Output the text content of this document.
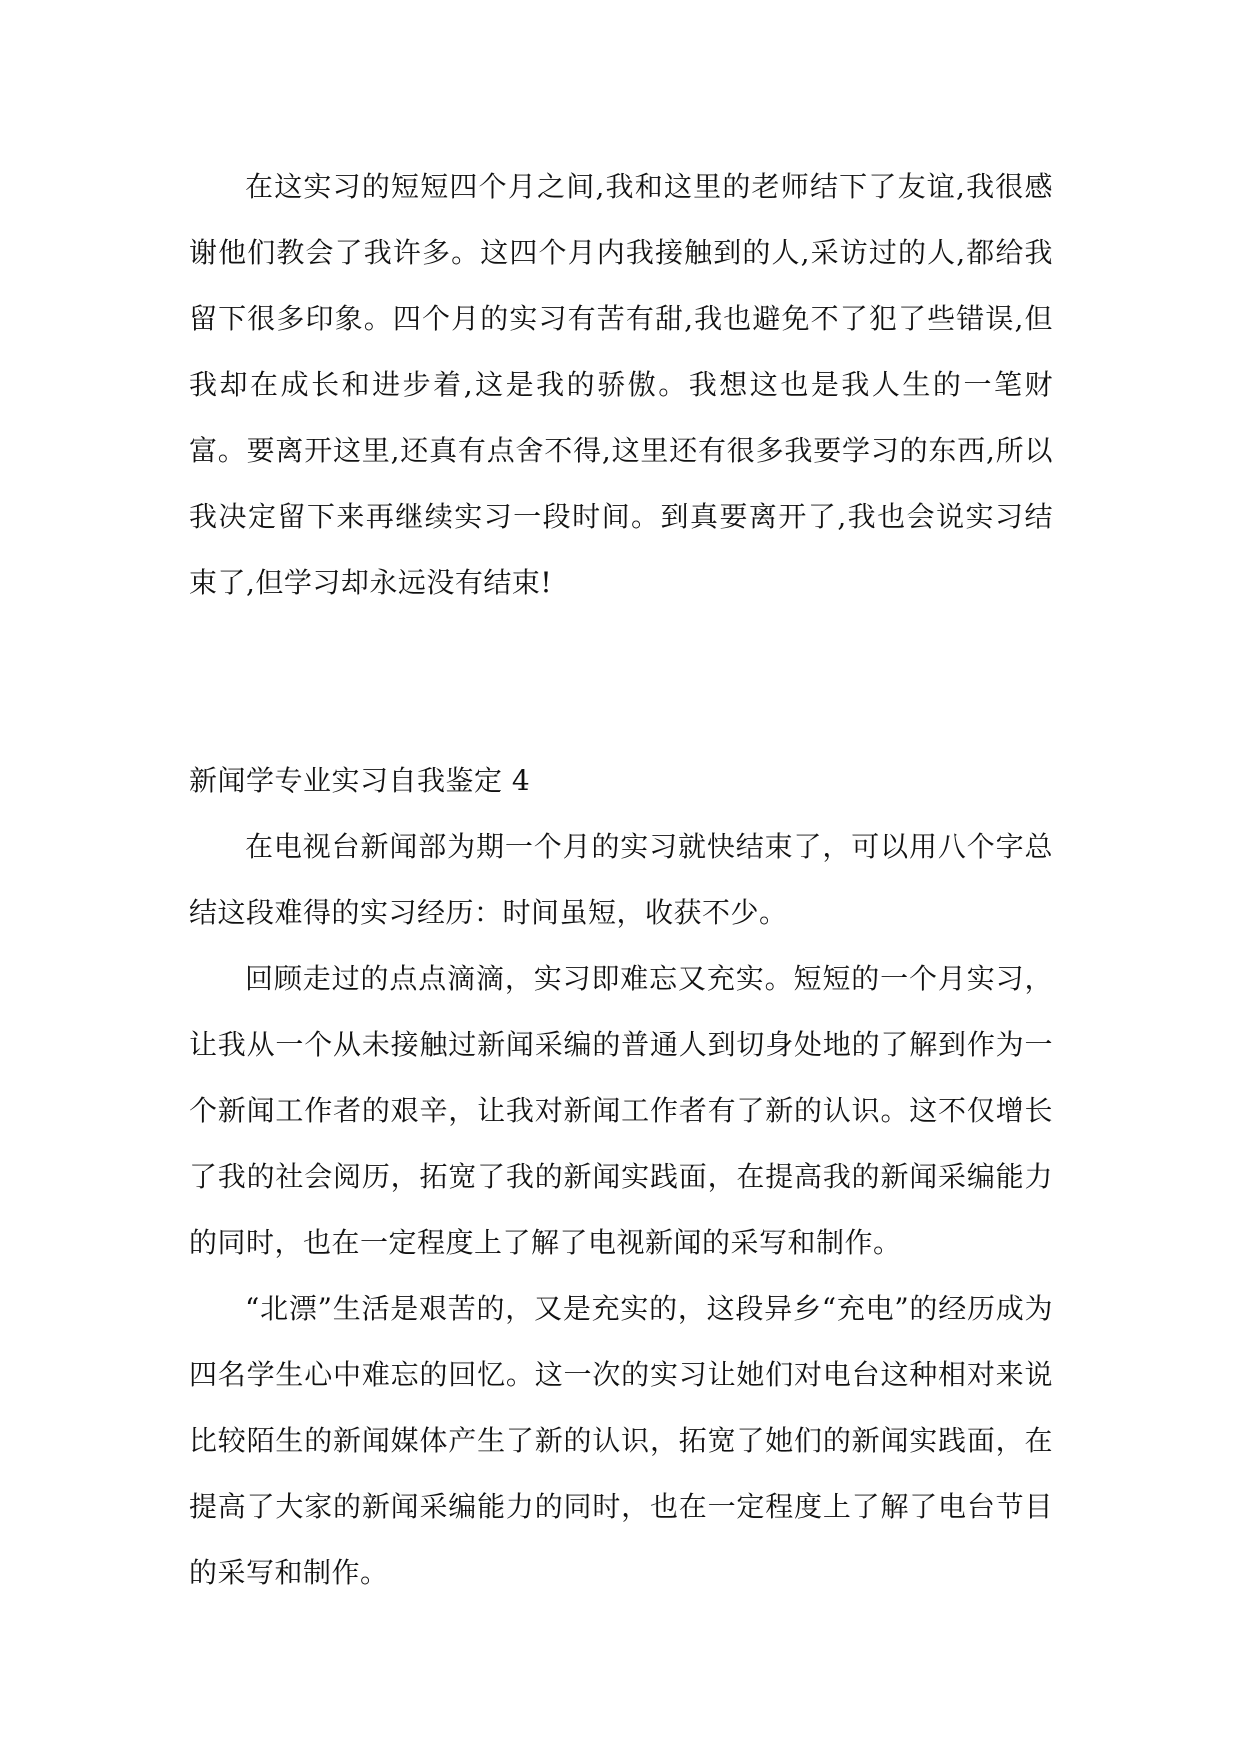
在这实习的短短四个月之间,我和这里的老师结下了友谊,我很感谢他们教会了我许多。这四个月内我接触到的人,采访过的人,都给我留下很多印象。四个月的实习有苦有甜,我也避免不了犯了些错误,但我却在成长和进步着,这是我的骄傲。我想这也是我人生的一笔财富。要离开这里,还真有点舍不得,这里还有很多我要学习的东西,所以我决定留下来再继续实习一段时间。到真要离开了,我也会说实习结束了,但学习却永远没有结束!

新闻学专业实习自我鉴定 4

在电视台新闻部为期一个月的实习就快结束了，可以用八个字总结这段难得的实习经历：时间虽短，收获不少。

回顾走过的点点滴滴，实习即难忘又充实。短短的一个月实习，让我从一个从未接触过新闻采编的普通人到切身处地的了解到作为一个新闻工作者的艰辛，让我对新闻工作者有了新的认识。这不仅增长了我的社会阅历，拓宽了我的新闻实践面，在提高我的新闻采编能力的同时，也在一定程度上了解了电视新闻的采写和制作。

“北漂”生活是艰苦的，又是充实的，这段异乡“充电”的经历成为四名学生心中难忘的回忆。这一次的实习让她们对电台这种相对来说比较陌生的新闻媒体产生了新的认识，拓宽了她们的新闻实践面，在提高了大家的新闻采编能力的同时，也在一定程度上了解了电台节目的采写和制作。
